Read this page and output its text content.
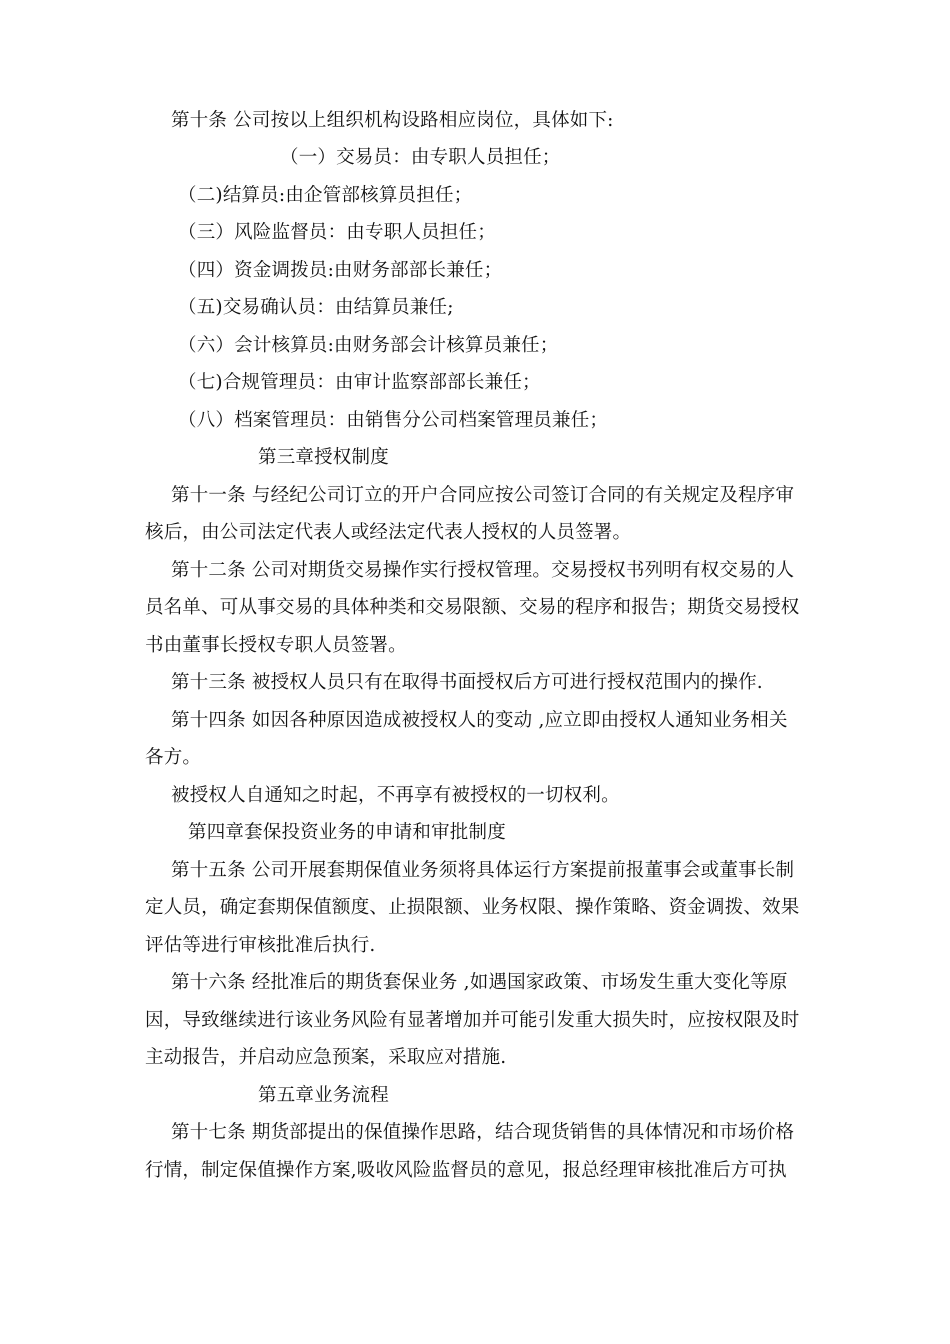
第十条 公司按以上组织机构设路相应岗位，具体如下:

（一）交易员：由专职人员担任；

（二)结算员:由企管部核算员担任；

（三）风险监督员：由专职人员担任；

（四）资金调拨员:由财务部部长兼任；

（五)交易确认员：由结算员兼任;

（六）会计核算员:由财务部会计核算员兼任；

（七)合规管理员：由审计监察部部长兼任；

（八）档案管理员：由销售分公司档案管理员兼任；

第三章授权制度

第十一条 与经纪公司订立的开户合同应按公司签订合同的有关规定及程序审

核后，由公司法定代表人或经法定代表人授权的人员签署。

第十二条 公司对期货交易操作实行授权管理。交易授权书列明有权交易的人

员名单、可从事交易的具体种类和交易限额、交易的程序和报告；期货交易授权

书由董事长授权专职人员签署。

第十三条 被授权人员只有在取得书面授权后方可进行授权范围内的操作.

第十四条 如因各种原因造成被授权人的变动 ,应立即由授权人通知业务相关

各方。

被授权人自通知之时起，不再享有被授权的一切权利。

第四章套保投资业务的申请和审批制度

第十五条 公司开展套期保值业务须将具体运行方案提前报董事会或董事长制

定人员，确定套期保值额度、止损限额、业务权限、操作策略、资金调拨、效果

评估等进行审核批准后执行.

第十六条 经批准后的期货套保业务 ,如遇国家政策、市场发生重大变化等原

因，导致继续进行该业务风险有显著增加并可能引发重大损失时，应按权限及时

主动报告，并启动应急预案，采取应对措施.

第五章业务流程

第十七条 期货部提出的保值操作思路，结合现货销售的具体情况和市场价格

行情，制定保值操作方案,吸收风险监督员的意见，报总经理审核批准后方可执
